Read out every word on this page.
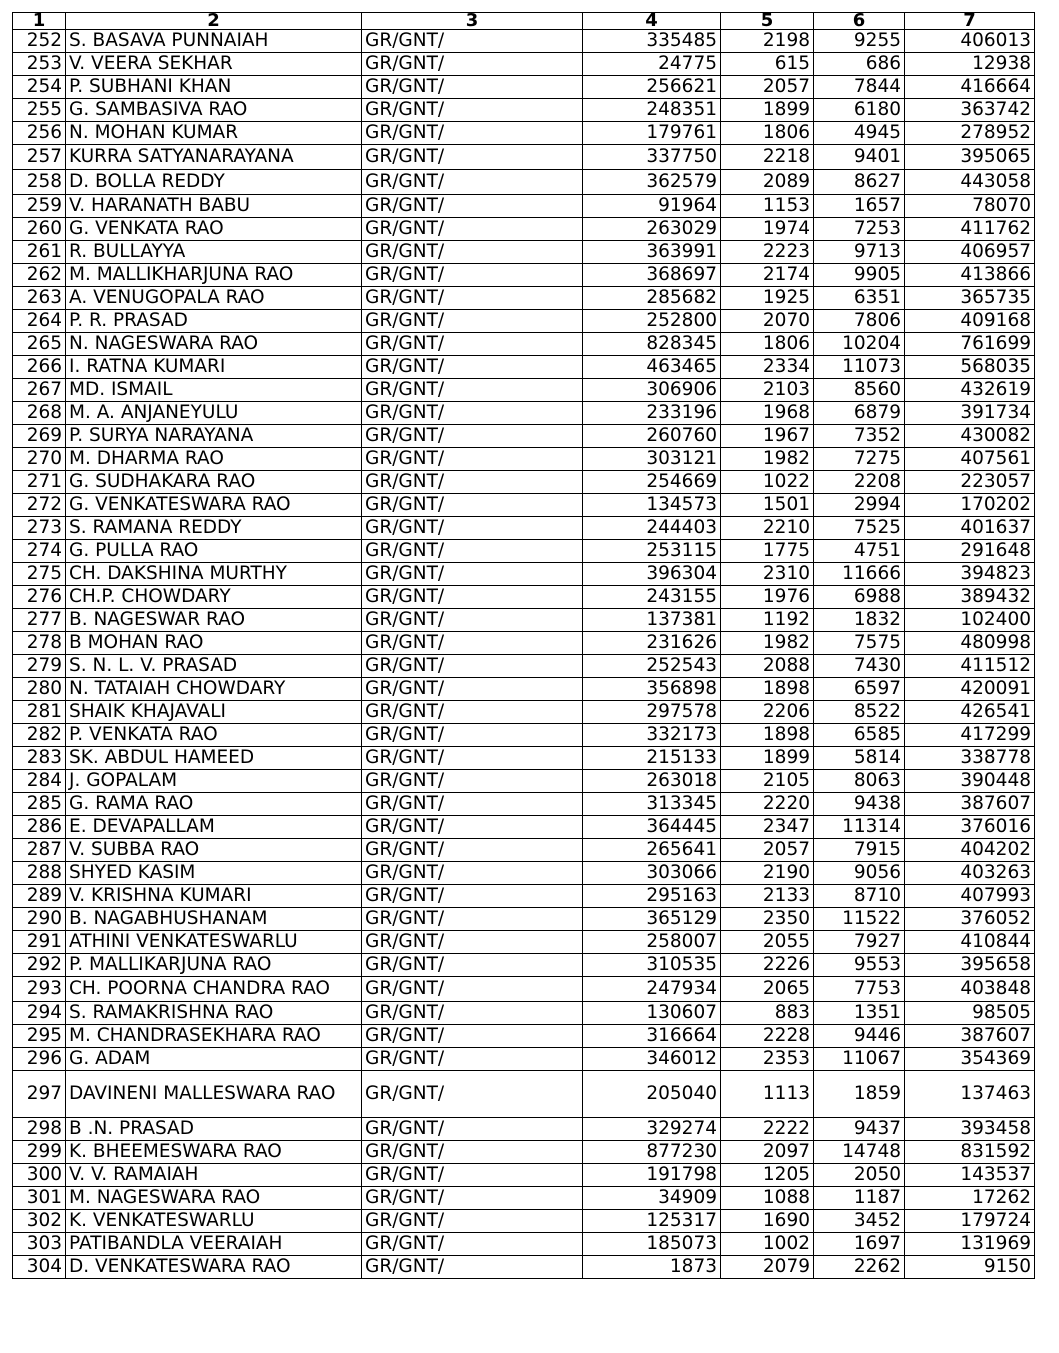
1	2	3	4	5	6	7
252	S. BASAVA PUNNAIAH	GR/GNT/	335485	2198	9255	406013
253	V. VEERA SEKHAR	GR/GNT/	24775	615	686	12938
254	P. SUBHANI KHAN	GR/GNT/	256621	2057	7844	416664
255	G. SAMBASIVA RAO	GR/GNT/	248351	1899	6180	363742
256	N. MOHAN KUMAR	GR/GNT/	179761	1806	4945	278952
257	KURRA SATYANARAYANA	GR/GNT/	337750	2218	9401	395065
258	D. BOLLA REDDY	GR/GNT/	362579	2089	8627	443058
259	V. HARANATH BABU	GR/GNT/	91964	1153	1657	78070
260	G. VENKATA RAO	GR/GNT/	263029	1974	7253	411762
261	R. BULLAYYA	GR/GNT/	363991	2223	9713	406957
262	M. MALLIKHARJUNA RAO	GR/GNT/	368697	2174	9905	413866
263	A. VENUGOPALA RAO	GR/GNT/	285682	1925	6351	365735
264	P. R. PRASAD	GR/GNT/	252800	2070	7806	409168
265	N. NAGESWARA RAO	GR/GNT/	828345	1806	10204	761699
266	I. RATNA KUMARI	GR/GNT/	463465	2334	11073	568035
267	MD. ISMAIL	GR/GNT/	306906	2103	8560	432619
268	M. A. ANJANEYULU	GR/GNT/	233196	1968	6879	391734
269	P. SURYA NARAYANA	GR/GNT/	260760	1967	7352	430082
270	M. DHARMA RAO	GR/GNT/	303121	1982	7275	407561
271	G. SUDHAKARA RAO	GR/GNT/	254669	1022	2208	223057
272	G. VENKATESWARA RAO	GR/GNT/	134573	1501	2994	170202
273	S. RAMANA REDDY	GR/GNT/	244403	2210	7525	401637
274	G. PULLA RAO	GR/GNT/	253115	1775	4751	291648
275	CH. DAKSHINA MURTHY	GR/GNT/	396304	2310	11666	394823
276	CH.P. CHOWDARY	GR/GNT/	243155	1976	6988	389432
277	B. NAGESWAR RAO	GR/GNT/	137381	1192	1832	102400
278	B MOHAN RAO	GR/GNT/	231626	1982	7575	480998
279	S. N. L. V. PRASAD	GR/GNT/	252543	2088	7430	411512
280	N. TATAIAH CHOWDARY	GR/GNT/	356898	1898	6597	420091
281	SHAIK KHAJAVALI	GR/GNT/	297578	2206	8522	426541
282	P. VENKATA RAO	GR/GNT/	332173	1898	6585	417299
283	SK. ABDUL HAMEED	GR/GNT/	215133	1899	5814	338778
284	J. GOPALAM	GR/GNT/	263018	2105	8063	390448
285	G. RAMA RAO	GR/GNT/	313345	2220	9438	387607
286	E. DEVAPALLAM	GR/GNT/	364445	2347	11314	376016
287	V. SUBBA RAO	GR/GNT/	265641	2057	7915	404202
288	SHYED KASIM	GR/GNT/	303066	2190	9056	403263
289	V. KRISHNA KUMARI	GR/GNT/	295163	2133	8710	407993
290	B. NAGABHUSHANAM	GR/GNT/	365129	2350	11522	376052
291	ATHINI VENKATESWARLU	GR/GNT/	258007	2055	7927	410844
292	P. MALLIKARJUNA RAO	GR/GNT/	310535	2226	9553	395658
293	CH. POORNA CHANDRA RAO	GR/GNT/	247934	2065	7753	403848
294	S. RAMAKRISHNA RAO	GR/GNT/	130607	883	1351	98505
295	M. CHANDRASEKHARA RAO	GR/GNT/	316664	2228	9446	387607
296	G. ADAM	GR/GNT/	346012	2353	11067	354369
297	DAVINENI MALLESWARA RAO	GR/GNT/	205040	1113	1859	137463
298	B .N. PRASAD	GR/GNT/	329274	2222	9437	393458
299	K. BHEEMESWARA RAO	GR/GNT/	877230	2097	14748	831592
300	V. V. RAMAIAH	GR/GNT/	191798	1205	2050	143537
301	M. NAGESWARA RAO	GR/GNT/	34909	1088	1187	17262
302	K. VENKATESWARLU	GR/GNT/	125317	1690	3452	179724
303	PATIBANDLA VEERAIAH	GR/GNT/	185073	1002	1697	131969
304	D. VENKATESWARA RAO	GR/GNT/	1873	2079	2262	9150
